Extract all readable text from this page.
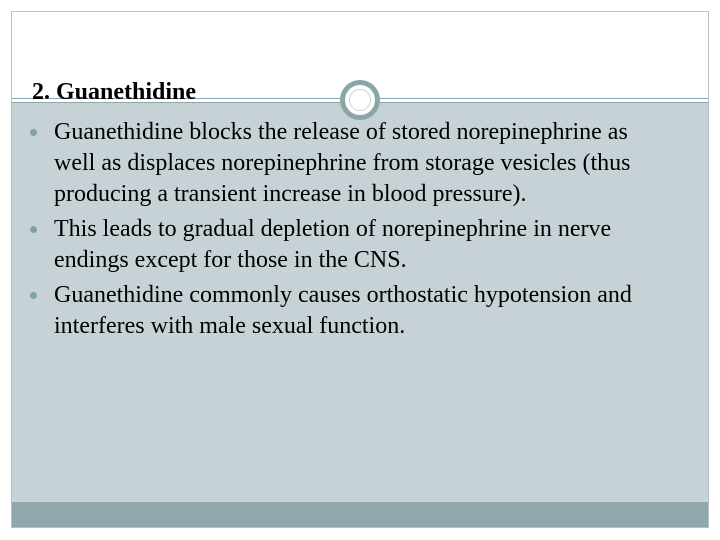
2. Guanethidine
Guanethidine blocks the release of stored norepinephrine as well as displaces norepinephrine from storage vesicles (thus producing a transient increase in blood pressure).
This leads to gradual depletion of norepinephrine in nerve endings except for those in the CNS.
Guanethidine commonly causes orthostatic hypotension and interferes with male sexual function.
